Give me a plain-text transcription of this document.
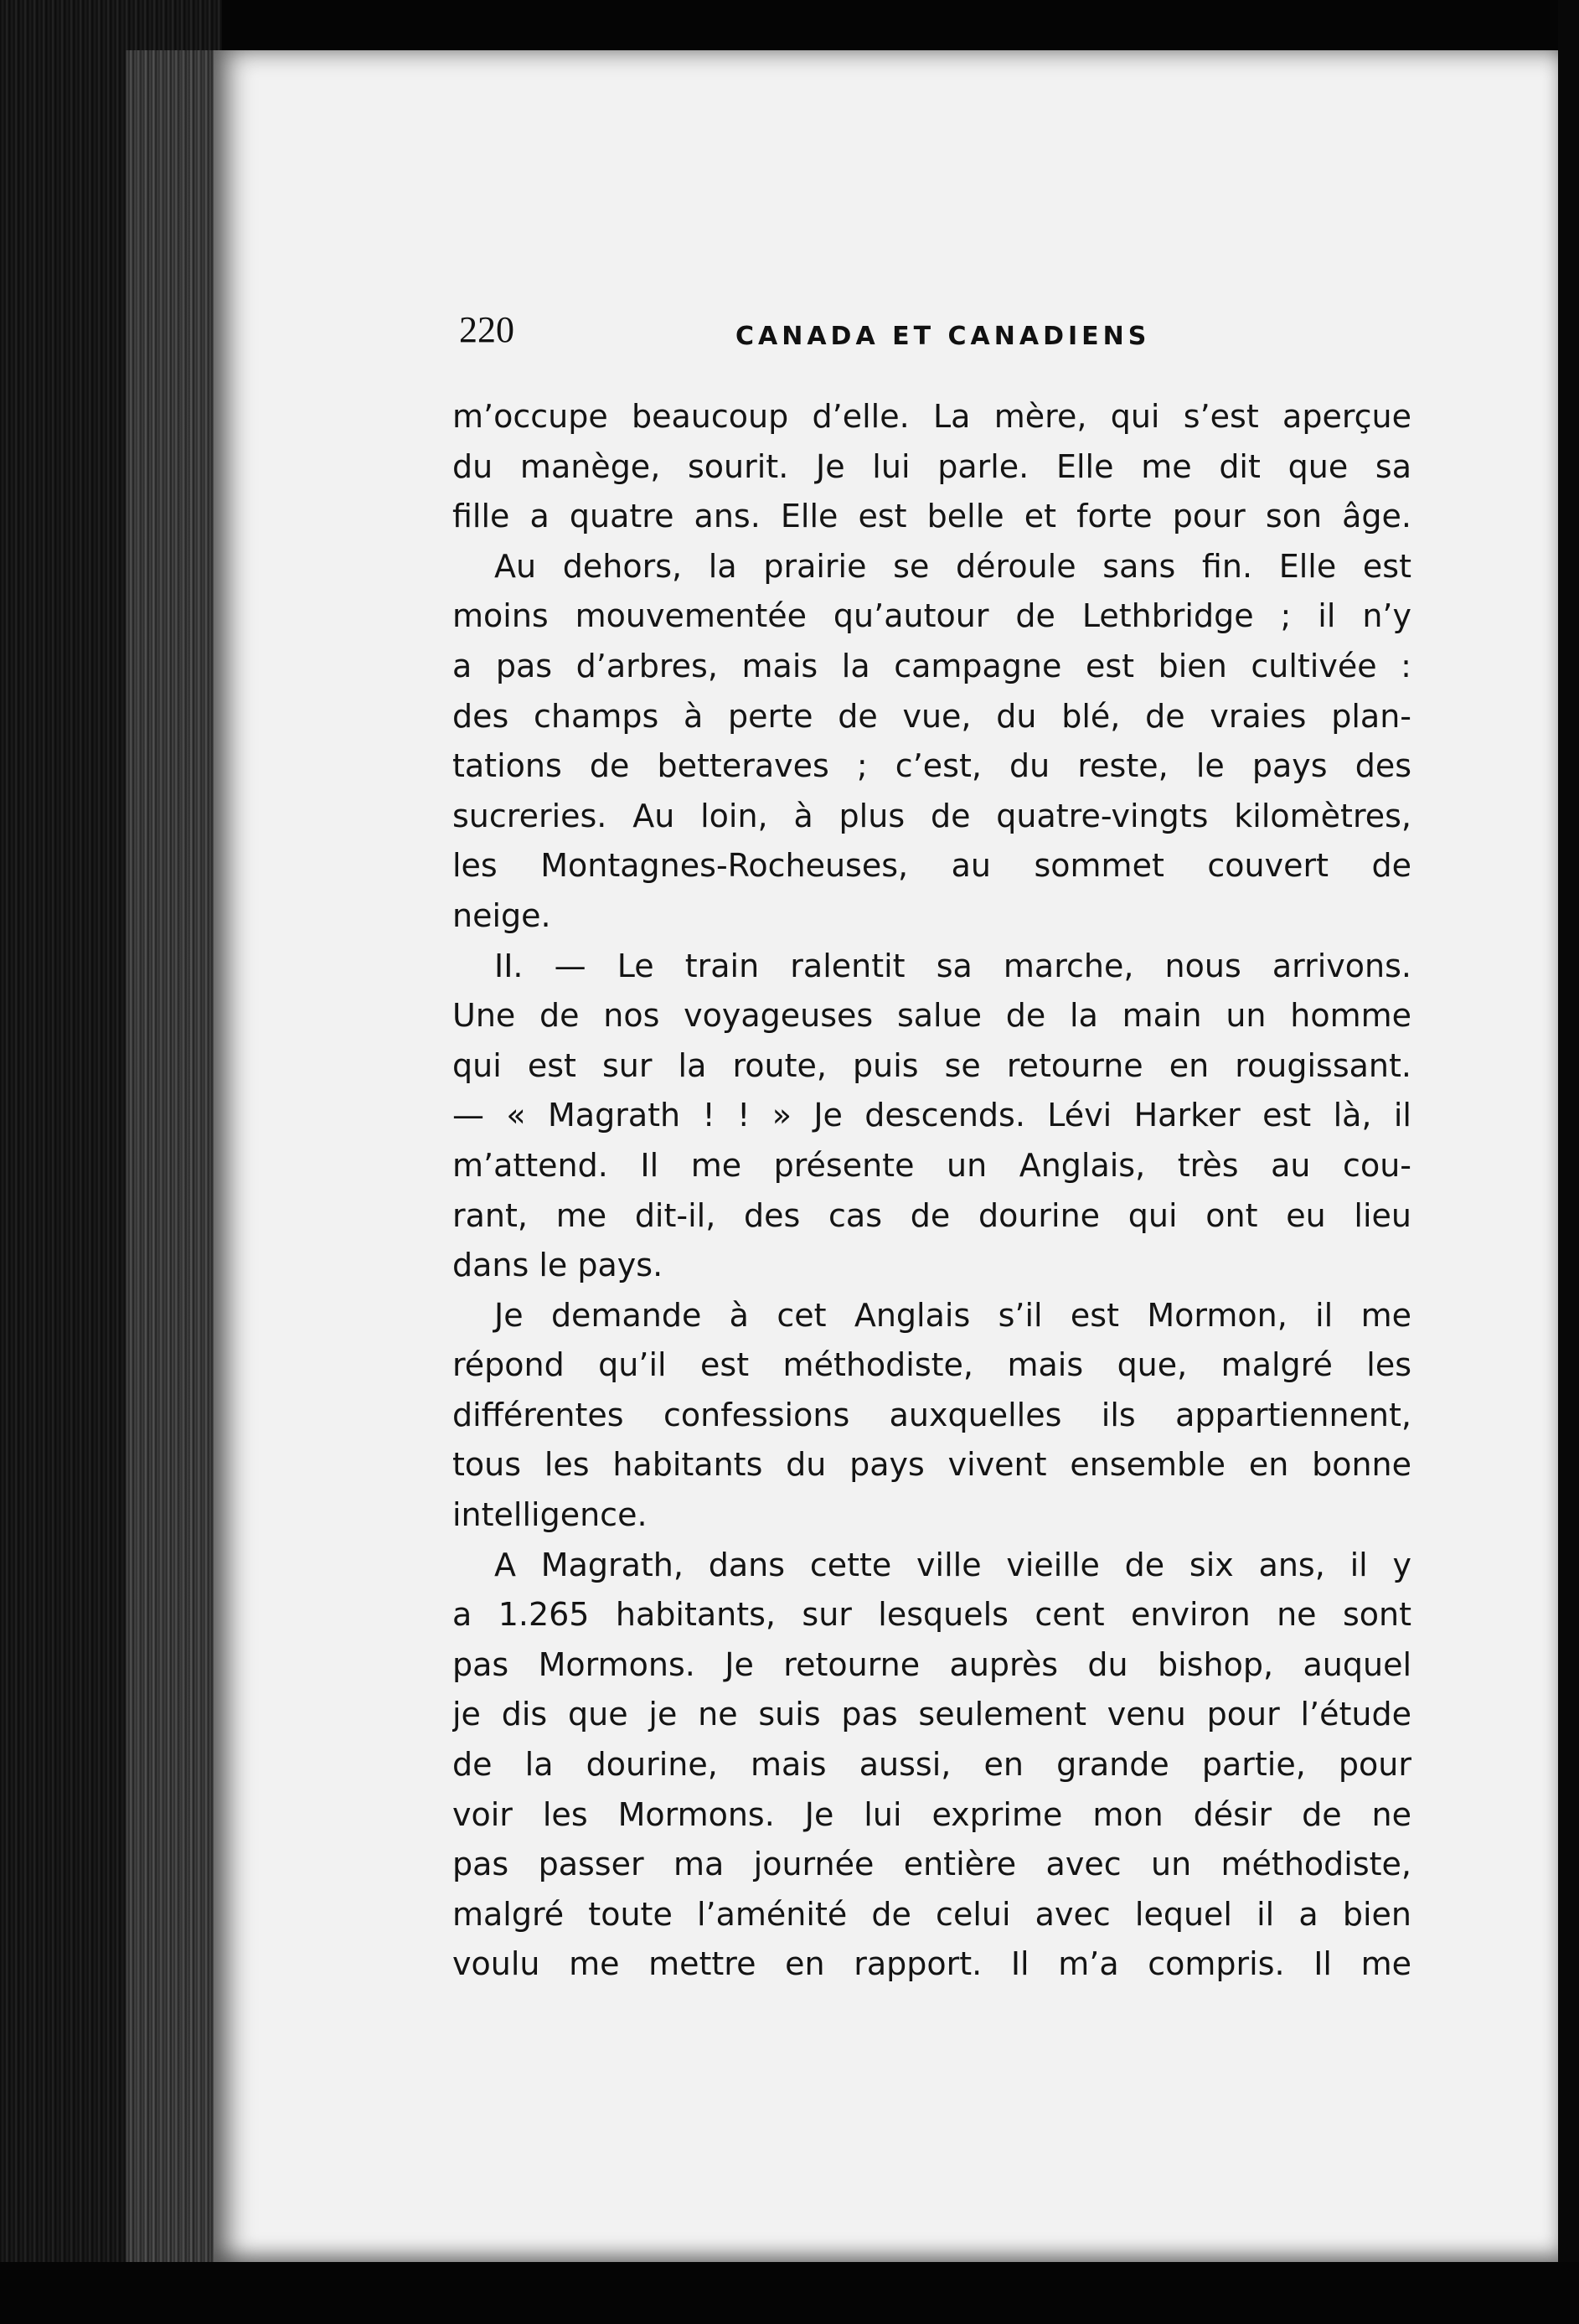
220	CANADA ET CANADIENS
m’occupe beaucoup d’elle. La mère, qui s’est aperçue
du manège, sourit. Je lui parle. Elle me dit que sa
fille a quatre ans. Elle est belle et forte pour son âge.
Au dehors, la prairie se déroule sans fin. Elle est
moins mouvementée qu’autour de Lethbridge ; il n’y
a pas d’arbres, mais la campagne est bien cultivée :
des champs à perte de vue, du blé, de vraies plan-
tations de betteraves ; c’est, du reste, le pays des
sucreries. Au loin, à plus de quatre-vingts kilomètres,
les Montagnes-Rocheuses, au sommet couvert de
neige.
II. — Le train ralentit sa marche, nous arrivons.
Une de nos voyageuses salue de la main un homme
qui est sur la route, puis se retourne en rougissant.
— « Magrath ! ! » Je descends. Lévi Harker est là, il
m’attend. Il me présente un Anglais, très au cou-
rant, me dit-il, des cas de dourine qui ont eu lieu
dans le pays.
Je demande à cet Anglais s’il est Mormon, il me
répond qu’il est méthodiste, mais que, malgré les
différentes confessions auxquelles ils appartiennent,
tous les habitants du pays vivent ensemble en bonne
intelligence.
A Magrath, dans cette ville vieille de six ans, il y
a 1.265 habitants, sur lesquels cent environ ne sont
pas Mormons. Je retourne auprès du bishop, auquel
je dis que je ne suis pas seulement venu pour l’étude
de la dourine, mais aussi, en grande partie, pour
voir les Mormons. Je lui exprime mon désir de ne
pas passer ma journée entière avec un méthodiste,
malgré toute l’aménité de celui avec lequel il a bien
voulu me mettre en rapport. Il m’a compris. Il me
